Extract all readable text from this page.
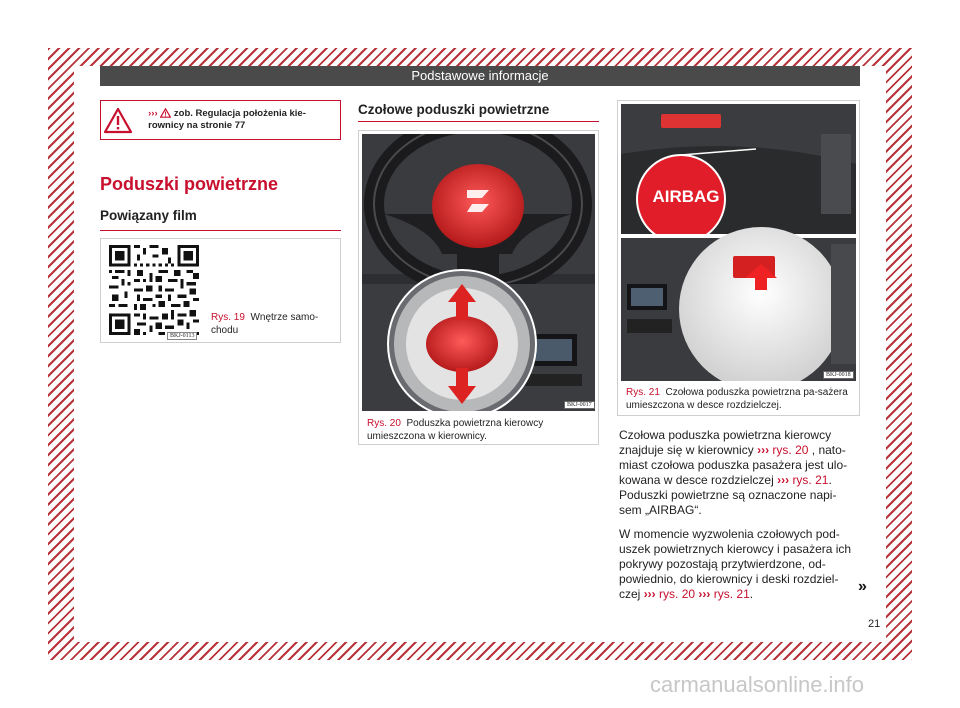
Podstawowe informacje
››› zob. Regulacja położenia kie-rownicy na stronie 77
Poduszki powietrzne
Powiązany film
BKJ-0113
Rys. 19 Wnętrze samo-chodu
Czołowe poduszki powietrzne
BKJ-0017
Rys. 20 Poduszka powietrzna kierowcy umieszczona w kierownicy.
AIRBAG
BKJ-0018
Rys. 21 Czołowa poduszka powietrzna pa-sażera umieszczona w desce rozdzielczej.

Czołowa poduszka powietrzna kierowcy znajduje się w kierownicy ››› rys. 20 , nato-miast czołowa poduszka pasażera jest ulo-kowana w desce rozdzielczej ››› rys. 21. Poduszki powietrzne są oznaczone napi-sem „AIRBAG“.

W momencie wyzwolenia czołowych pod-uszek powietrznych kierowcy i pasażera ich pokrywy pozostają przytwierdzone, od-powiednio, do kierownicy i deski rozdziel-czej ››› rys. 20 ››› rys. 21.	»
21
carmanualsonline.info
